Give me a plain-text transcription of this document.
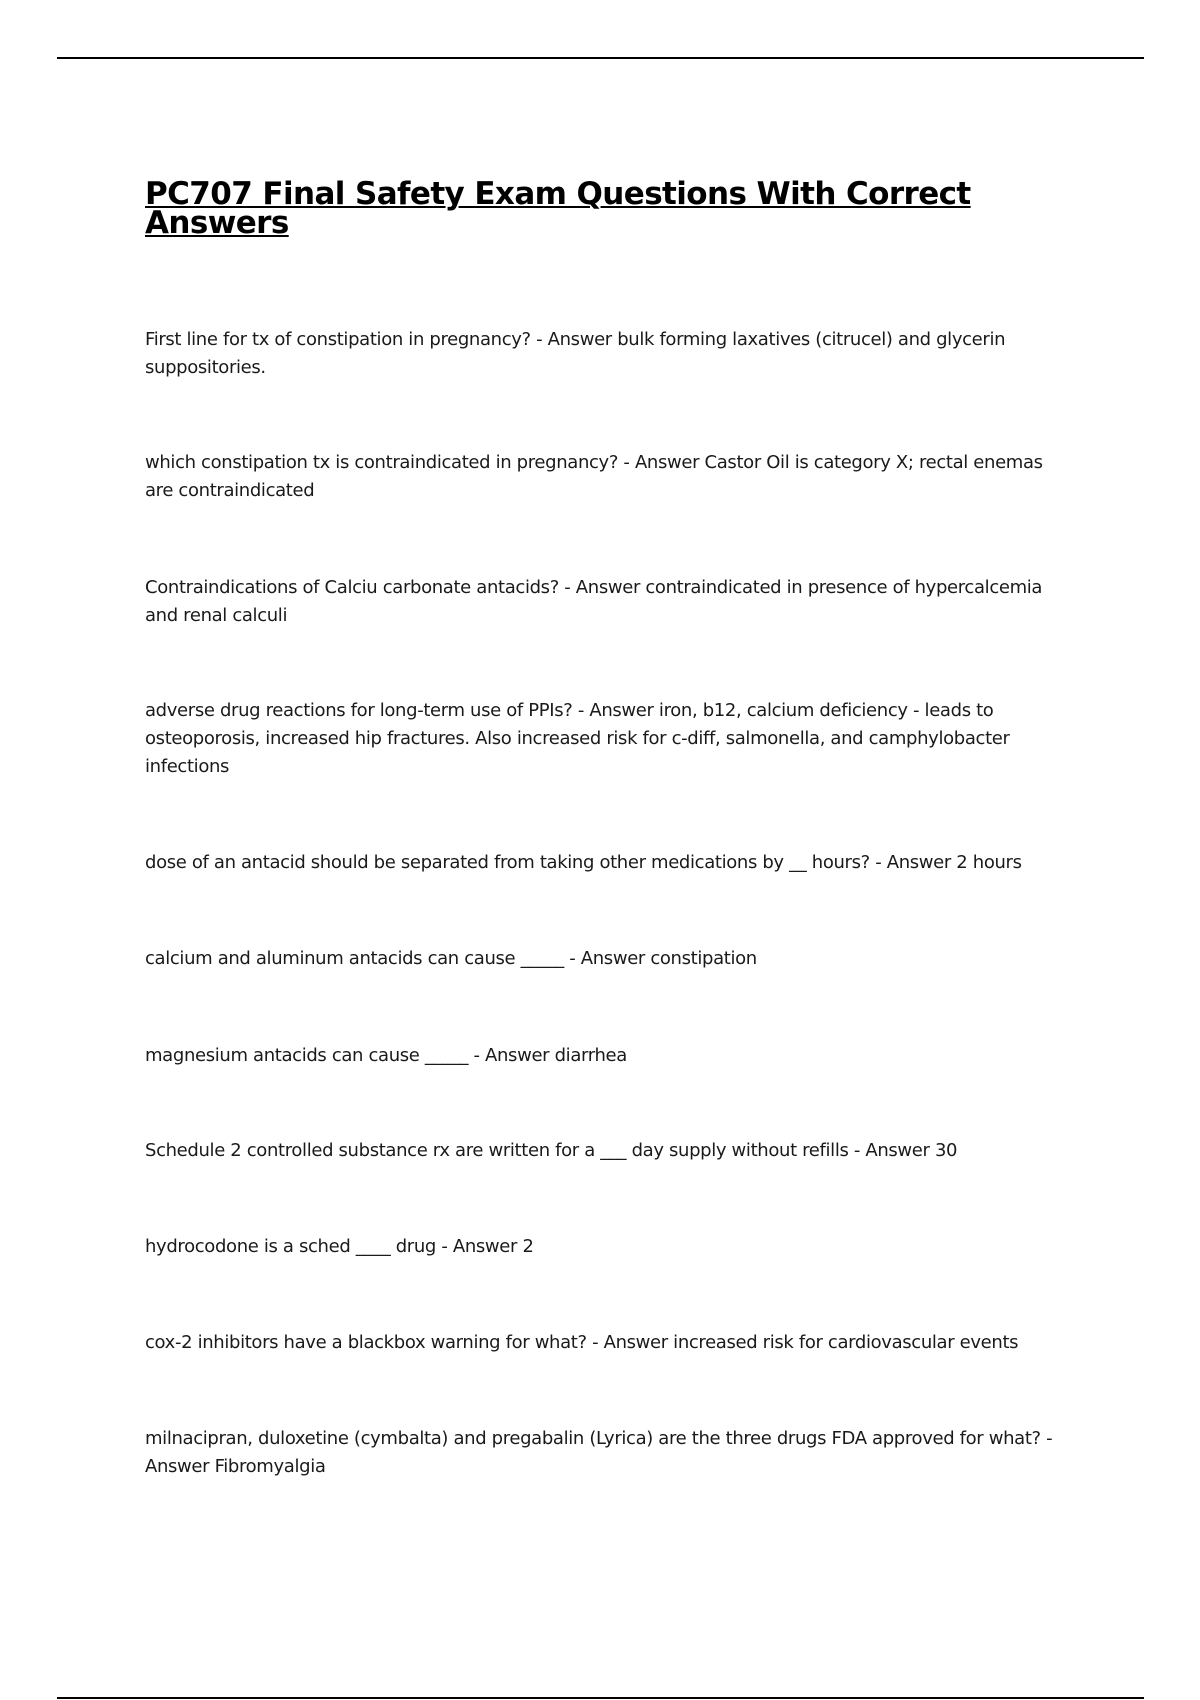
PC707 Final Safety Exam Questions With Correct Answers
First line for tx of constipation in pregnancy? - Answer bulk forming laxatives (citrucel) and glycerin suppositories.
which constipation tx is contraindicated in pregnancy? - Answer Castor Oil is category X; rectal enemas are contraindicated
Contraindications of Calciu carbonate antacids? - Answer contraindicated in presence of hypercalcemia and renal calculi
adverse drug reactions for long-term use of PPIs? - Answer iron, b12, calcium deficiency - leads to osteoporosis, increased hip fractures. Also increased risk for c-diff, salmonella, and camphylobacter infections
dose of an antacid should be separated from taking other medications by __ hours? - Answer 2 hours
calcium and aluminum antacids can cause _____ - Answer constipation
magnesium antacids can cause _____ - Answer diarrhea
Schedule 2 controlled substance rx are written for a ___ day supply without refills - Answer 30
hydrocodone is a sched ____ drug - Answer 2
cox-2 inhibitors have a blackbox warning for what? - Answer increased risk for cardiovascular events
milnacipran, duloxetine (cymbalta) and pregabalin (Lyrica) are the three drugs FDA approved for what? - Answer Fibromyalgia
